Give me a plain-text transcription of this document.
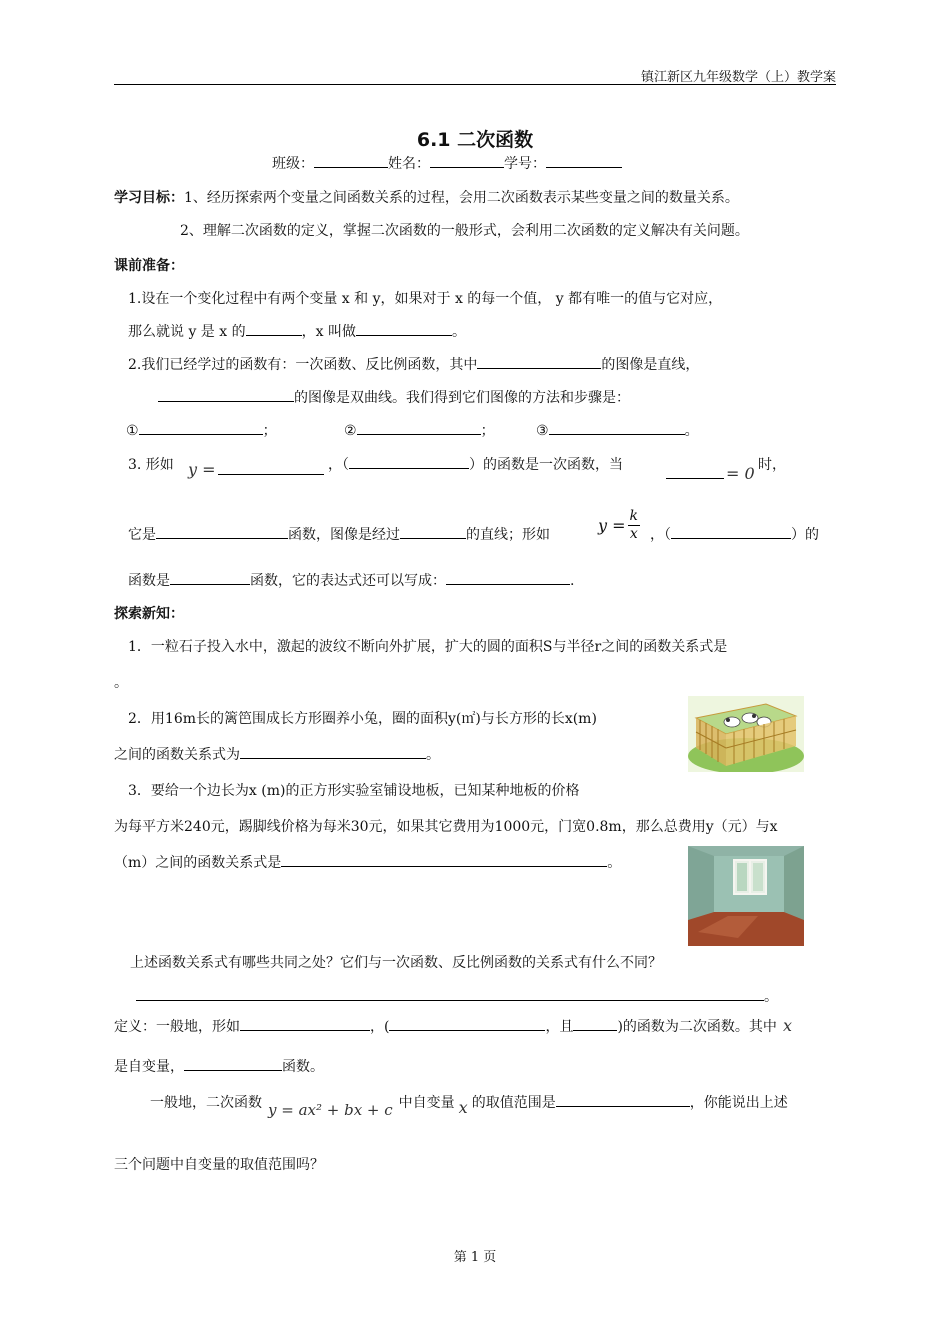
镇江新区九年级数学（上）教学案
6.1 二次函数
班级：	姓名：	学号：
学习目标：1、经历探索两个变量之间函数关系的过程，会用二次函数表示某些变量之间的数量关系。
2、理解二次函数的定义，掌握二次函数的一般形式，会利用二次函数的定义解决有关问题。
课前准备：
1.设在一个变化过程中有两个变量 x 和 y，如果对于 x 的每一个值， y 都有唯一的值与它对应，
那么就说 y 是 x 的	，x 叫做	。
2.我们已经学过的函数有：一次函数、反比例函数，其中	的图像是直线，
的图像是双曲线。我们得到它们图像的方法和步骤是：
①	；	②	；	③	。
3. 形如 y =	，（	）的函数是一次函数，当	= 0 时，
它是	函数，图像是经过	的直线；形如	$y = \frac{k}{x}$ ，（	）的
函数是	函数，它的表达式还可以写成：	.
探索新知：
1．一粒石子投入水中，激起的波纹不断向外扩展，扩大的圆的面积S与半径r之间的函数关系式是
。
2．用16m长的篱笆围成长方形圈养小兔，圈的面积y(㎡)与长方形的长x(m)
之间的函数关系式为	。
3．要给一个边长为x (m)的正方形实验室铺设地板，已知某种地板的价格
为每平方米240元，踢脚线价格为每米30元，如果其它费用为1000元，门宽0.8m，那么总费用y（元）与x
（m）之间的函数关系式是	。
上述函数关系式有哪些共同之处？它们与一次函数、反比例函数的关系式有什么不同？
。
定义：一般地，形如	，(	，且	)的函数为二次函数。其中 x
是自变量，	函数。
一般地，二次函数 y = ax² + bx + c 中自变量 x 的取值范围是	，你能说出上述
三个问题中自变量的取值范围吗？
第 1 页
